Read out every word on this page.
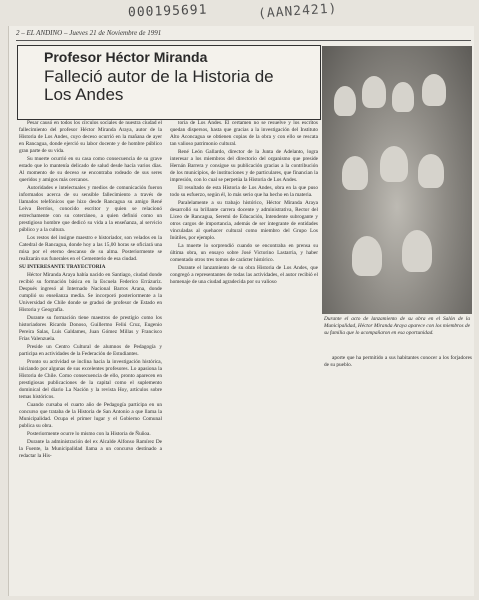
000195691	(AAN2421)
2 – EL ANDINO – Jueves 21 de Noviembre de 1991
Profesor Héctor Miranda
Falleció autor de la Historia de Los Andes
Durante el acto de lanzamiento de su obra en el Salón de la Municipalidad, Héctor Miranda Araya aparece con los miembros de su familia que lo acompañaron en esa oportunidad.

Pesar causó en todos los círculos sociales de nuestra ciudad el fallecimiento del profesor Héctor Miranda Araya, autor de la Historia de Los Andes, cuyo deceso ocurrió en la mañana de ayer en Rancagua, donde ejerció su labor docente y de hombre público gran parte de su vida.

Su muerte ocurrió en su casa como consecuencia de su grave estado que lo mantenía delicado de salud desde hacía varios días. Al momento de su deceso se encontraba rodeado de sus seres queridos y amigos más cercanos.

Autoridades e intelectuales y medios de comunicación fueron informados acerca de su sensible fallecimiento a través de llamados telefónicos que hizo desde Rancagua su amigo René Leiva Berríos, conocido escritor y quien se relacionó estrechamente con su coterráneo, a quien definió como un prestigioso hombre que dedicó su vida a la enseñanza, al servicio público y a la cultura.

Los restos del insigne maestro e historiador, son velados en la Catedral de Rancagua, donde hoy a las 15,00 horas se oficiará una misa por el eterno descanso de su alma. Posteriormente se realizarán sus funerales en el Cementerio de esa ciudad.

SU INTERESANTE TRAYECTORIA

Héctor Miranda Araya había nacido en Santiago, ciudad donde recibió su formación básica en la Escuela Federico Errázuriz. Después ingresó al Internado Nacional Barros Arana, donde cumplió su enseñanza media. Se incorporó posteriormente a la Universidad de Chile donde se graduó de profesor de Estado en Historia y Geografía.

Durante su formación tiene maestros de prestigio como los historiadores Ricardo Donoso, Guillermo Feliú Cruz, Eugenio Pereira Salas, Luis Galdames, Juan Gómez Millas y Francisco Frías Valenzuela.

Preside un Centro Cultural de alumnos de Pedagogía y participa en actividades de la Federación de Estudiantes.

Pronto su actividad se inclina hacia la investigación histórica, iniciando por algunas de sus excelentes profesores. Lo apasiona la Historia de Chile. Como consecuencia de ello, pronto aparecen en prestigiosas publicaciones de la capital como el suplemento dominical del diario La Nación y la revista Hoy, artículos sobre temas históricos.

Cuando cursaba el cuarto año de Pedagogía participa en un concurso que trataba de la Historia de San Antonio a que llama la Municipalidad. Ocupa el primer lugar y el Gobierno Comunal publica su obra.

Posteriormente ocurre lo mismo con la Historia de Ñuñoa.

Durante la administración del ex Alcalde Alfonso Ramírez De la Fuente, la Municipalidad llama a un concurso destinado a redactar la His-

toria de Los Andes. El certamen no se resuelve y los escritos quedan dispersos, hasta que gracias a la investigación del Instituto Alto Aconcagua se obtienen copias de la obra y con ello se rescata tan valioso patrimonio cultural.

René León Gallardo, director de la Junta de Adelanto, logra interesar a los miembros del directorio del organismo que preside Hernán Barrera y consigue su publicación gracias a la contribución de los municipios, de instituciones y de particulares, que financian la impresión, con lo cual se perpetúa la Historia de Los Andes.

El resultado de esta Historia de Los Andes, obra en la que puso todo su esfuerzo, según él, lo más serio que ha hecho en la materia.

Paralelamente a su trabajo histórico, Héctor Miranda Araya desarrolló su brillante carrera docente y administrativa, Rector del Liceo de Rancagua, Seremi de Educación, Intendente subrogante y otros cargos de importancia, además de ser integrante de entidades vinculadas al quehacer cultural como miembro del Grupo Los Inútiles, por ejemplo.

La muerte lo sorprendió cuando se encontraba en prensa su última obra, un ensayo sobre José Victorino Lastarria, y haber comentado otros tres tomos de carácter histórico.

Durante el lanzamiento de su obra Historia de Los Andes, que congregó a representantes de todas las actividades, el autor recibió el homenaje de una ciudad agradecida por su valioso

aporte que ha permitido a sus habitantes conocer a los forjadores de su pueblo.
